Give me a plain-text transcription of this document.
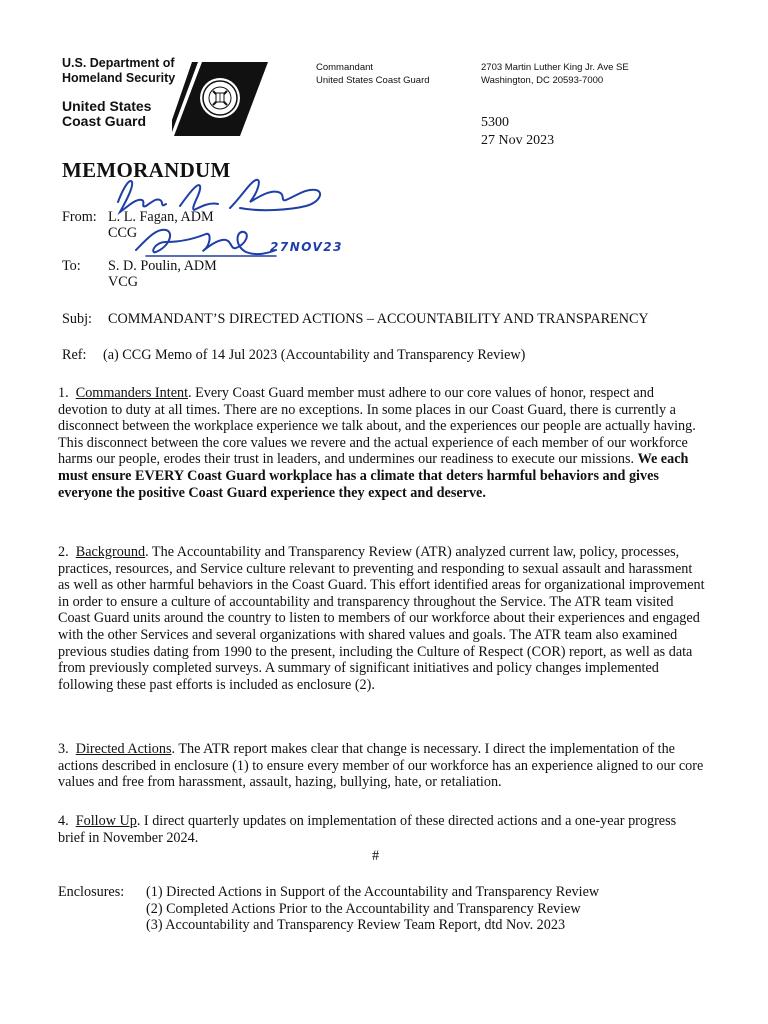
U.S. Department of
Homeland Security
United States
Coast Guard
Commandant
United States Coast Guard
2703 Martin Luther King Jr. Ave SE
Washington, DC 20593-7000
5300
27 Nov 2023
MEMORANDUM
From: L. L. Fagan, ADM
CCG
27NOV23
To: S. D. Poulin, ADM
VCG
Subj: COMMANDANT’S DIRECTED ACTIONS – ACCOUNTABILITY AND TRANSPARENCY
Ref: (a) CCG Memo of 14 Jul 2023 (Accountability and Transparency Review)
1. Commanders Intent. Every Coast Guard member must adhere to our core values of honor, respect and devotion to duty at all times. There are no exceptions. In some places in our Coast Guard, there is currently a disconnect between the workplace experience we talk about, and the experiences our people are actually having. This disconnect between the core values we revere and the actual experience of each member of our workforce harms our people, erodes their trust in leaders, and undermines our readiness to execute our missions. We each must ensure EVERY Coast Guard workplace has a climate that deters harmful behaviors and gives everyone the positive Coast Guard experience they expect and deserve.
2. Background. The Accountability and Transparency Review (ATR) analyzed current law, policy, processes, practices, resources, and Service culture relevant to preventing and responding to sexual assault and harassment as well as other harmful behaviors in the Coast Guard. This effort identified areas for organizational improvement in order to ensure a culture of accountability and transparency throughout the Service. The ATR team visited Coast Guard units around the country to listen to members of our workforce about their experiences and engaged with the other Services and several organizations with shared values and goals. The ATR team also examined previous studies dating from 1990 to the present, including the Culture of Respect (COR) report, as well as data from previously completed surveys. A summary of significant initiatives and policy changes implemented following these past efforts is included as enclosure (2).
3. Directed Actions. The ATR report makes clear that change is necessary. I direct the implementation of the actions described in enclosure (1) to ensure every member of our workforce has an experience aligned to our core values and free from harassment, assault, hazing, bullying, hate, or retaliation.
4. Follow Up. I direct quarterly updates on implementation of these directed actions and a one-year progress brief in November 2024.
#
Enclosures: (1) Directed Actions in Support of the Accountability and Transparency Review
(2) Completed Actions Prior to the Accountability and Transparency Review
(3) Accountability and Transparency Review Team Report, dtd Nov. 2023
